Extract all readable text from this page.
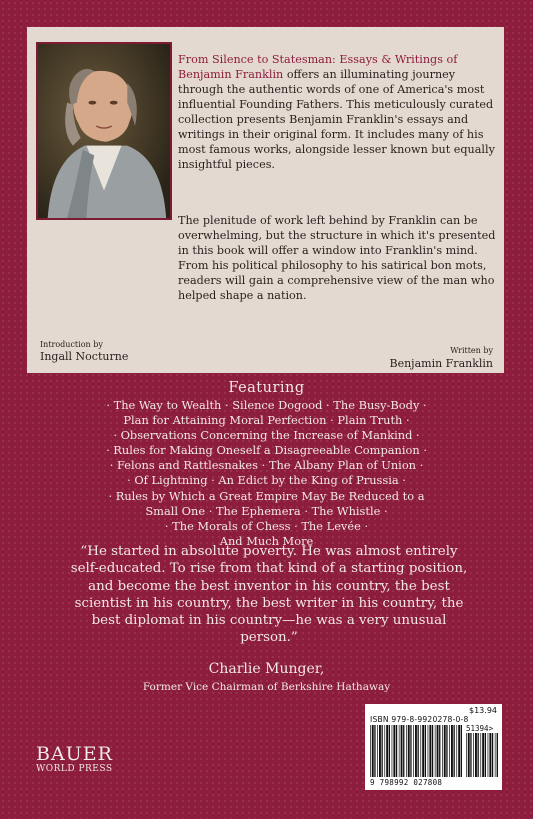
From Silence to Statesman: Essays & Writings of Benjamin Franklin offers an illuminating journey through the authentic words of one of America's most influential Founding Fathers. This meticulously curated collection presents Benjamin Franklin's essays and writings in their original form. It includes many of his most famous works, alongside lesser known but equally insightful pieces.
The plenitude of work left behind by Franklin can be overwhelming, but the structure in which it's presented in this book will offer a window into Franklin's mind. From his political philosophy to his satirical bon mots, readers will gain a comprehensive view of the man who helped shape a nation.
Introduction by
Ingall Nocturne	Written by
Benjamin Franklin
Featuring
· The Way to Wealth · Silence Dogood · The Busy-Body ·
Plan for Attaining Moral Perfection · Plain Truth ·
· Observations Concerning the Increase of Mankind ·
· Rules for Making Oneself a Disagreeable Companion ·
· Felons and Rattlesnakes · The Albany Plan of Union ·
· Of Lightning · An Edict by the King of Prussia ·
· Rules by Which a Great Empire May Be Reduced to a
Small One · The Ephemera · The Whistle ·
· The Morals of Chess · The Levée ·
And Much More
“He started in absolute poverty. He was almost entirely self-educated. To rise from that kind of a starting position, and become the best inventor in his country, the best scientist in his country, the best writer in his country, the best diplomat in his country—he was a very unusual person.”
Charlie Munger,
Former Vice Chairman of Berkshire Hathaway
BAUER
WORLD PRESS
$13.94
ISBN 979-8-9920278-0-8
51394>
9 798992 027808
